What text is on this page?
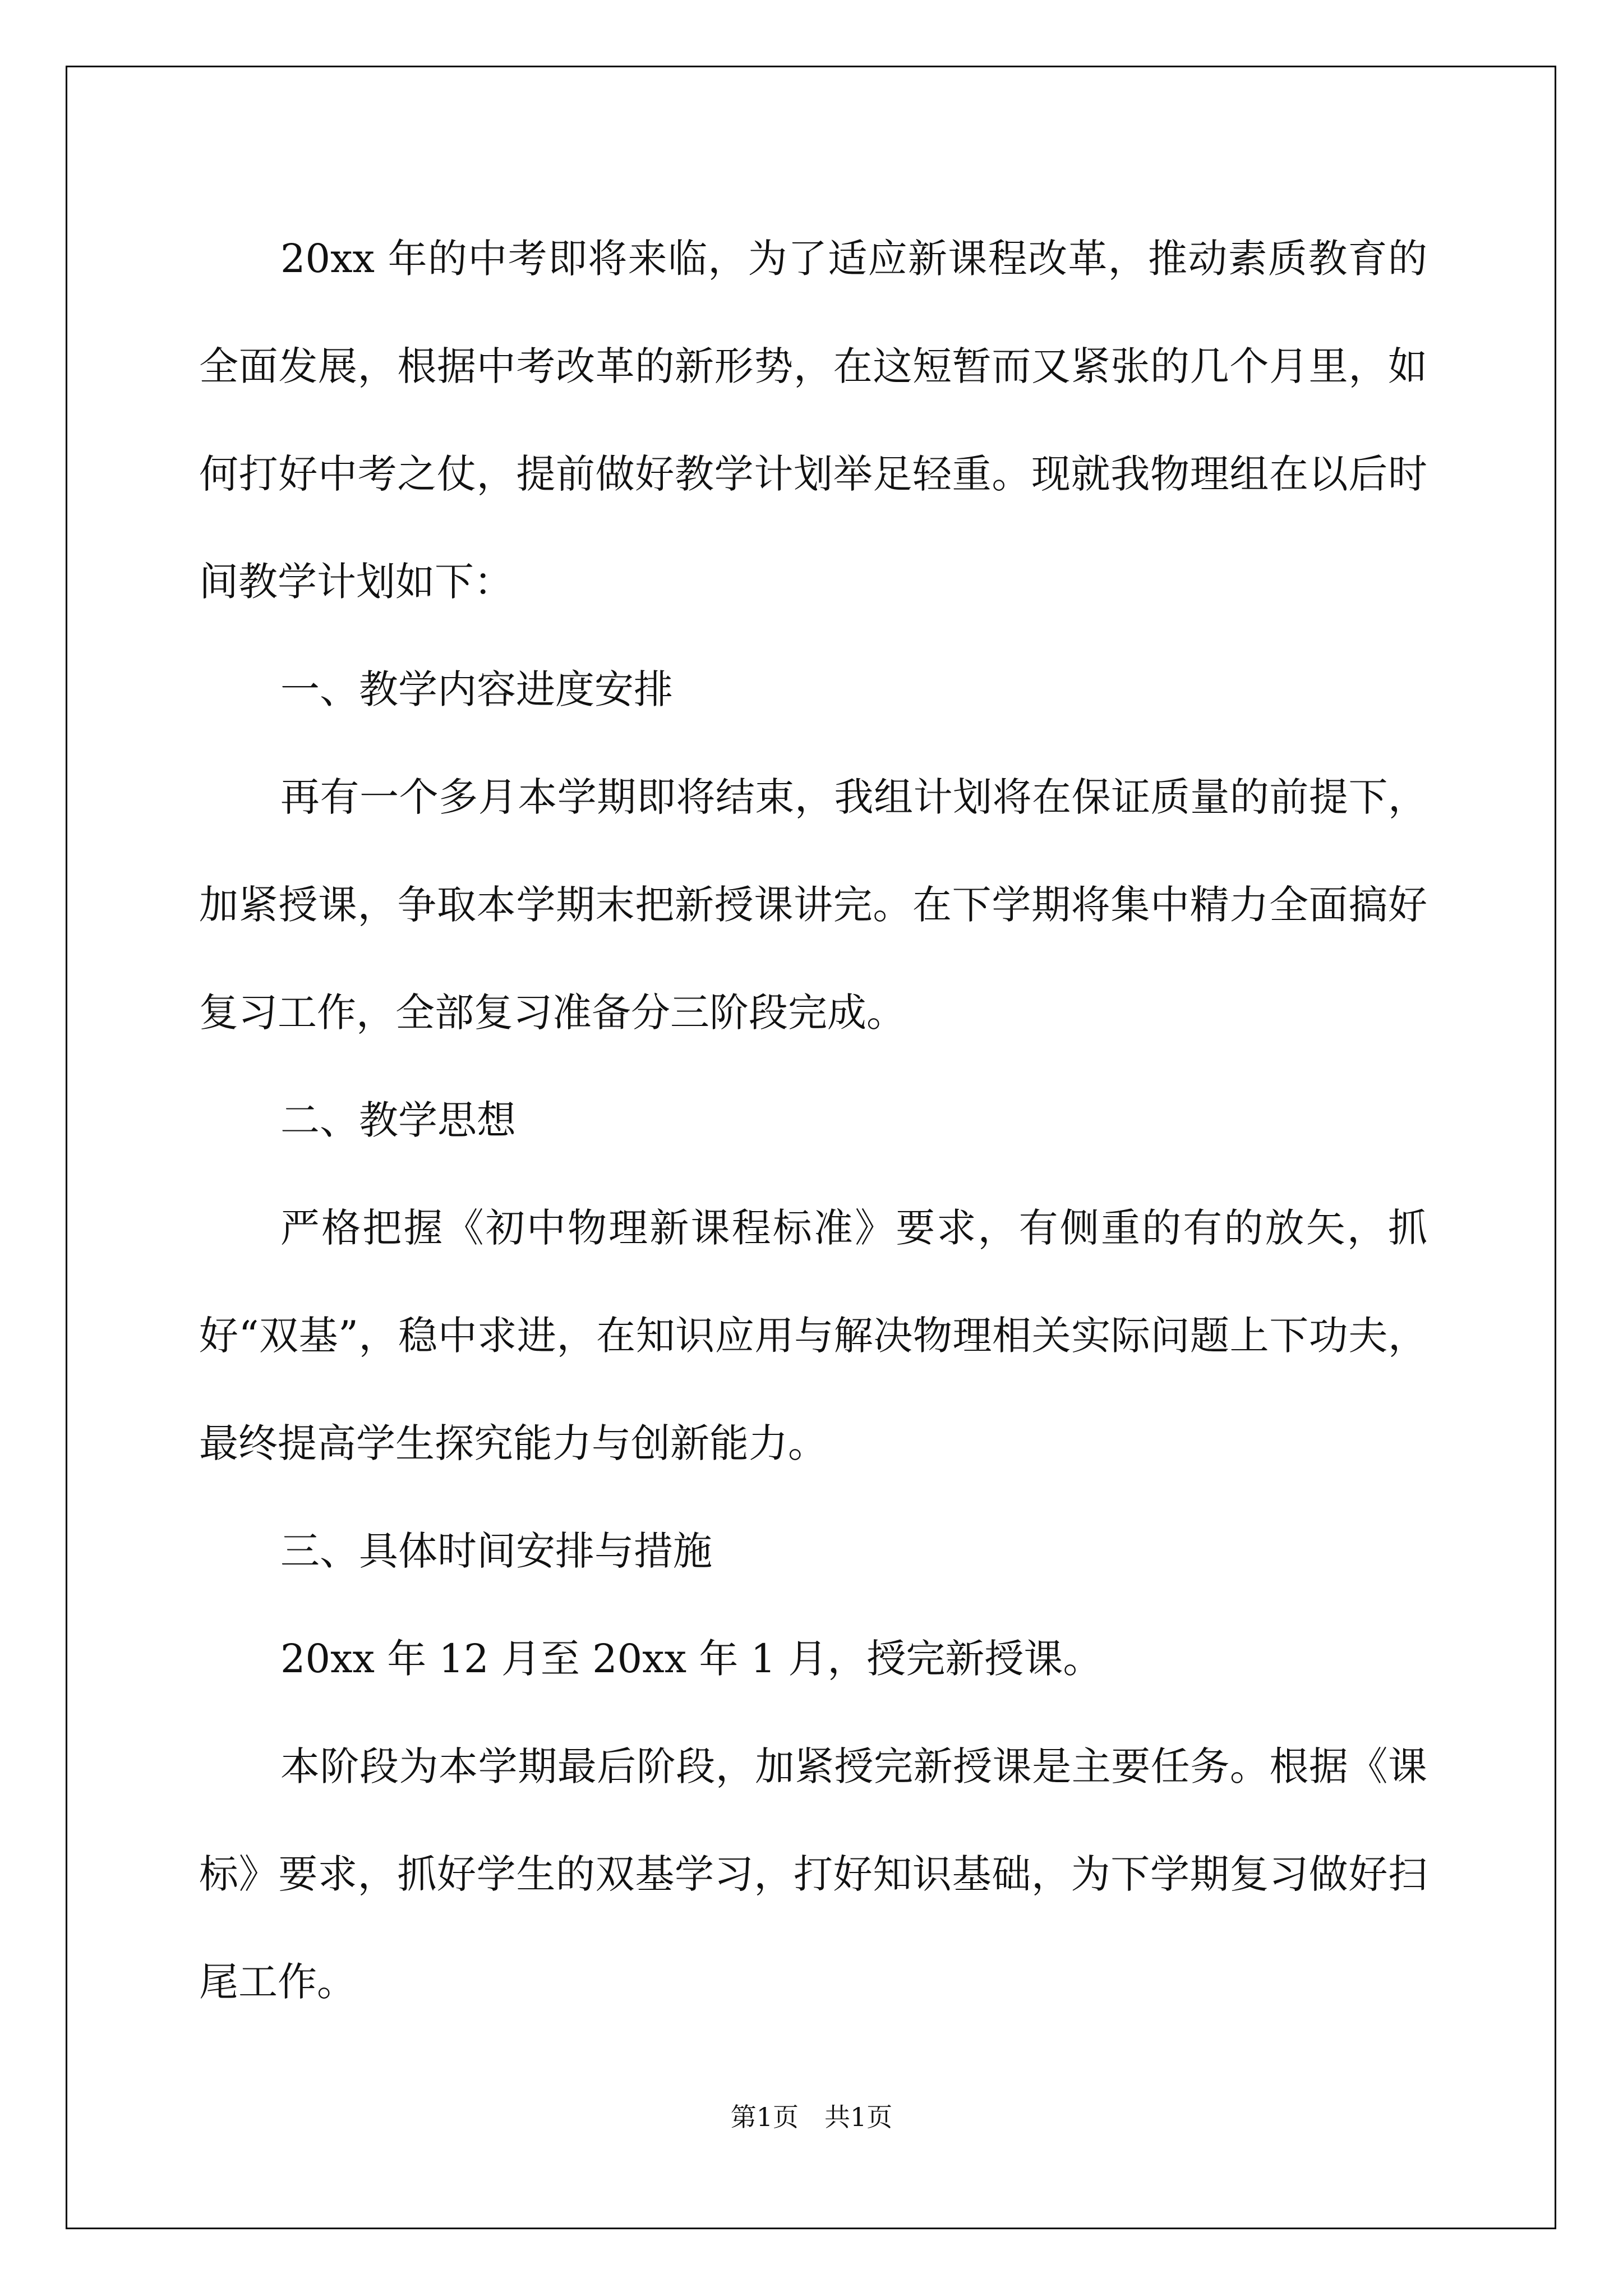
20xx 年的中考即将来临，为了适应新课程改革，推动素质教育的全面发展，根据中考改革的新形势，在这短暂而又紧张的几个月里，如何打好中考之仗，提前做好教学计划举足轻重。现就我物理组在以后时间教学计划如下：

一、教学内容进度安排

再有一个多月本学期即将结束，我组计划将在保证质量的前提下，加紧授课，争取本学期末把新授课讲完。在下学期将集中精力全面搞好复习工作，全部复习准备分三阶段完成。

二、教学思想

严格把握《初中物理新课程标准》要求，有侧重的有的放矢，抓好“双基”，稳中求进，在知识应用与解决物理相关实际问题上下功夫，最终提高学生探究能力与创新能力。

三、具体时间安排与措施

20xx 年 12 月至 20xx 年 1 月，授完新授课。

本阶段为本学期最后阶段，加紧授完新授课是主要任务。根据《课标》要求，抓好学生的双基学习，打好知识基础，为下学期复习做好扫尾工作。

第1页　共1页
